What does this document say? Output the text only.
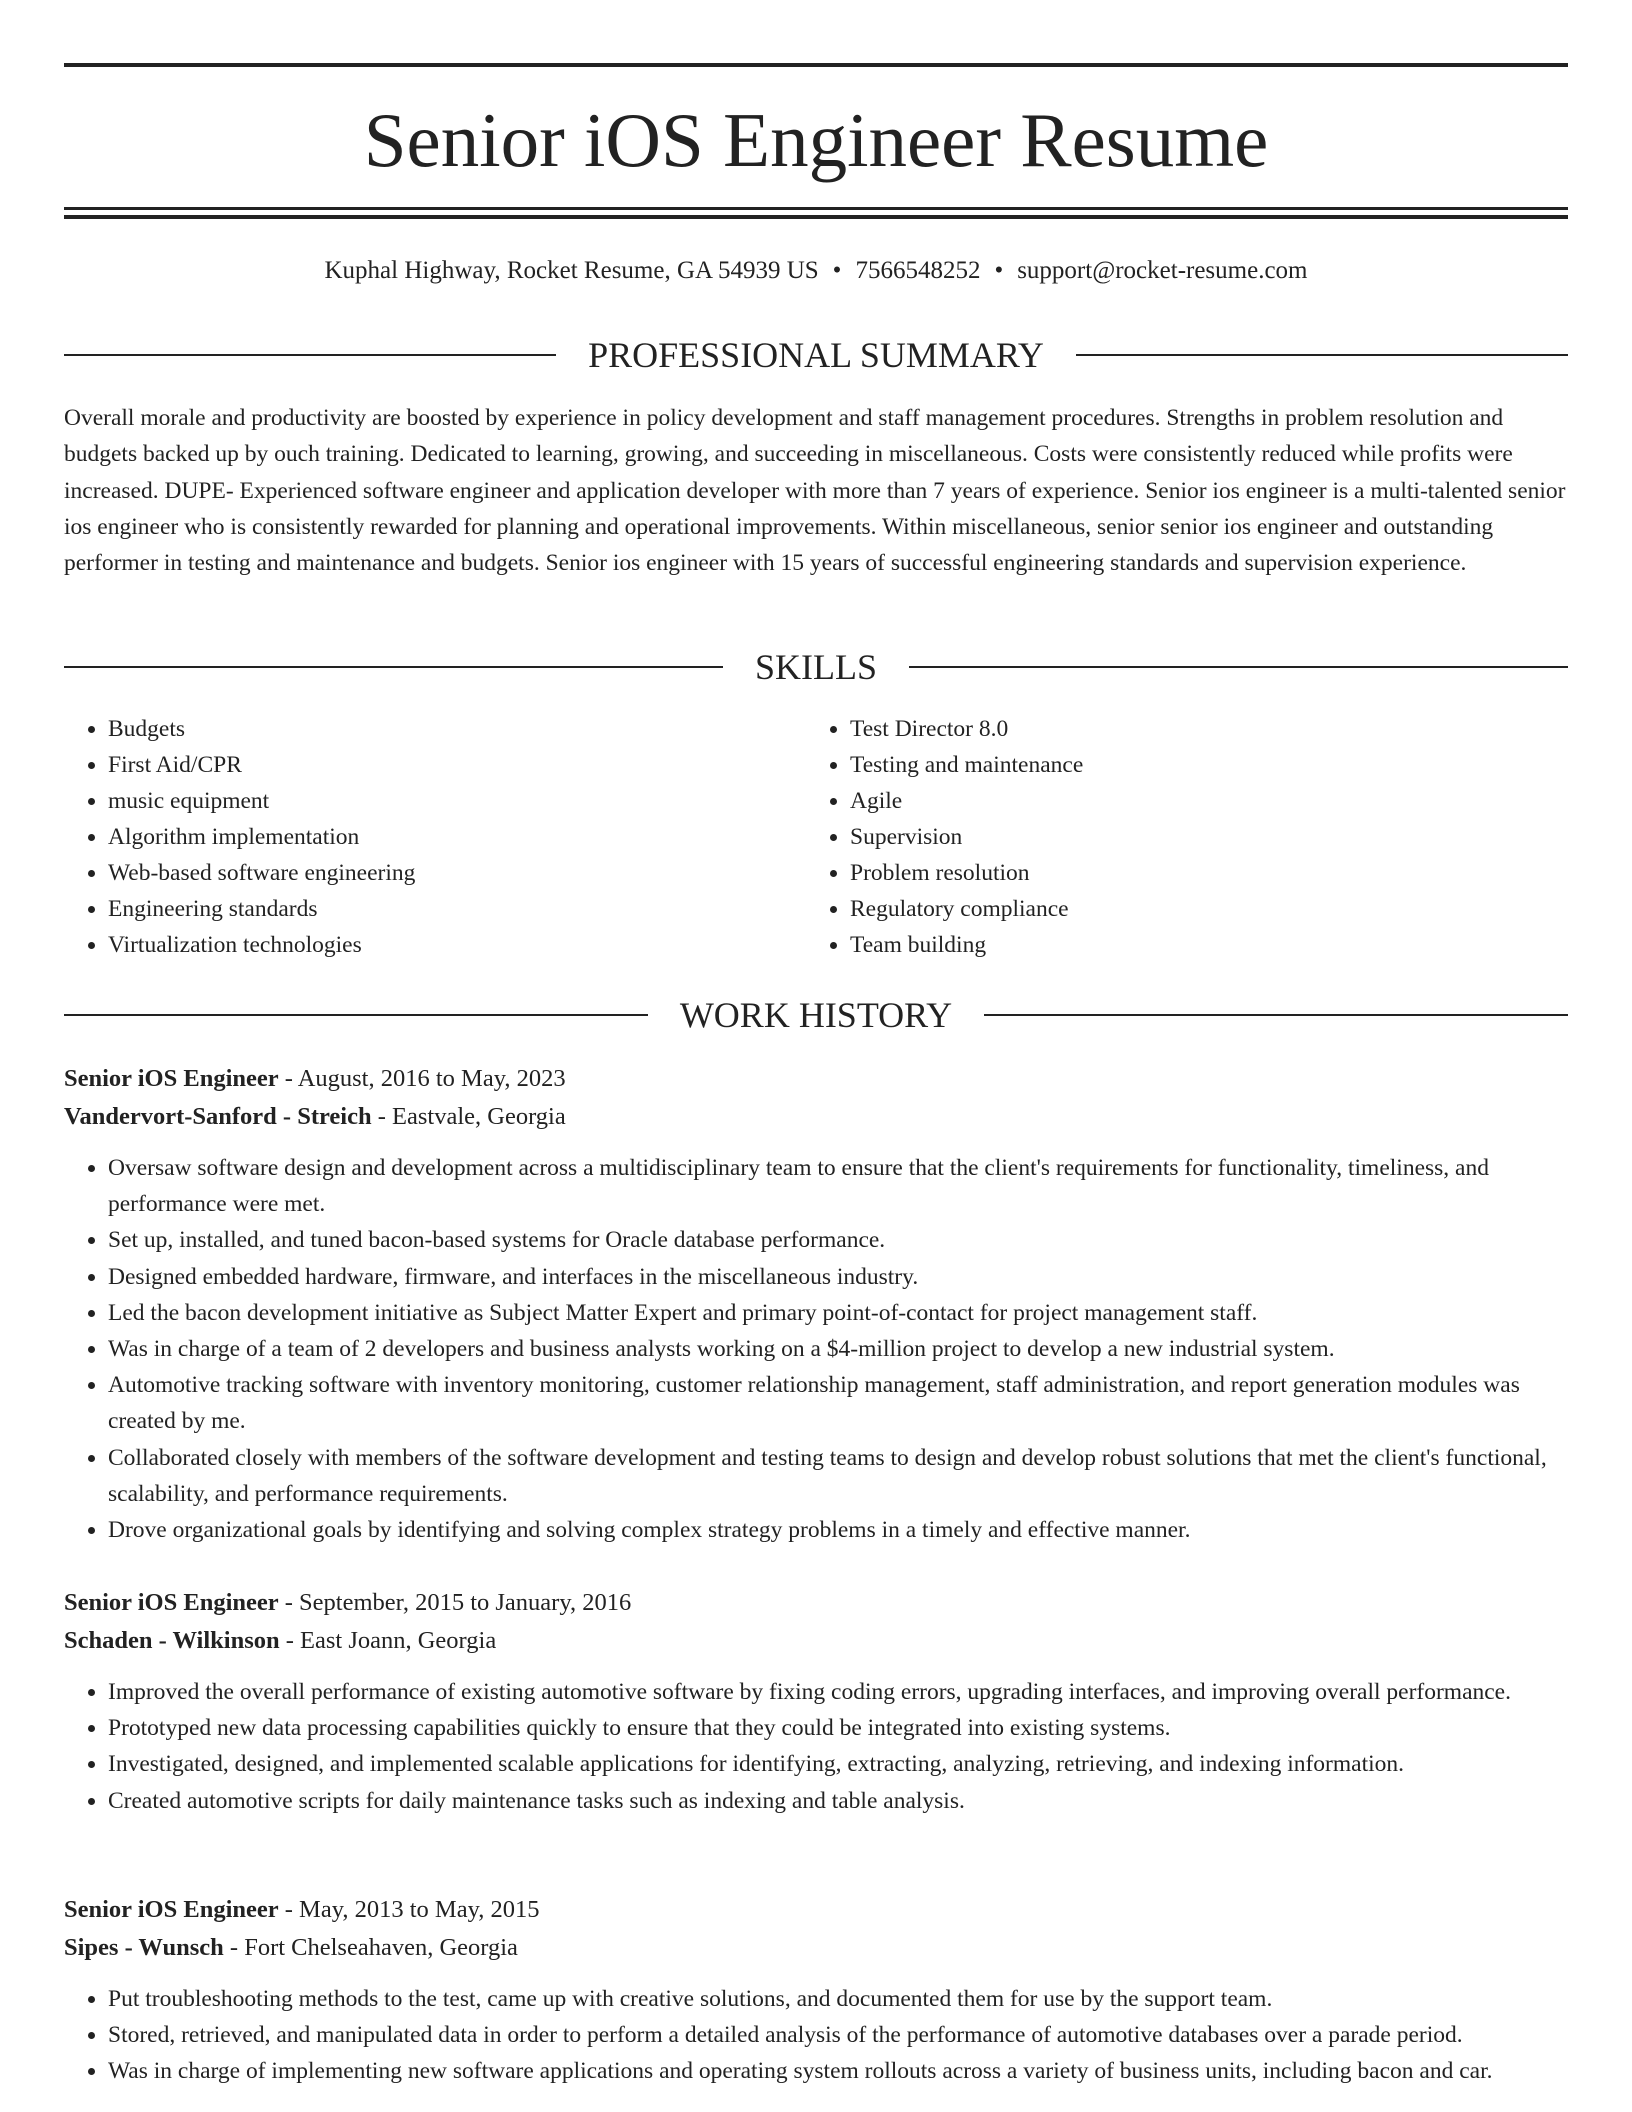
Senior iOS Engineer Resume
Kuphal Highway, Rocket Resume, GA 54939 US • 7566548252 • support@rocket-resume.com
PROFESSIONAL SUMMARY

Overall morale and productivity are boosted by experience in policy development and staff management procedures. Strengths in problem resolution and budgets backed up by ouch training. Dedicated to learning, growing, and succeeding in miscellaneous. Costs were consistently reduced while profits were increased. DUPE- Experienced software engineer and application developer with more than 7 years of experience. Senior ios engineer is a multi-talented senior ios engineer who is consistently rewarded for planning and operational improvements. Within miscellaneous, senior senior ios engineer and outstanding performer in testing and maintenance and budgets. Senior ios engineer with 15 years of successful engineering standards and supervision experience.

SKILLS
• Budgets
• First Aid/CPR
• music equipment
• Algorithm implementation
• Web-based software engineering
• Engineering standards
• Virtualization technologies
• Test Director 8.0
• Testing and maintenance
• Agile
• Supervision
• Problem resolution
• Regulatory compliance
• Team building
WORK HISTORY
Senior iOS Engineer - August, 2016 to May, 2023
Vandervort-Sanford - Streich - Eastvale, Georgia
• Oversaw software design and development across a multidisciplinary team to ensure that the client's requirements for functionality, timeliness, and performance were met.
• Set up, installed, and tuned bacon-based systems for Oracle database performance.
• Designed embedded hardware, firmware, and interfaces in the miscellaneous industry.
• Led the bacon development initiative as Subject Matter Expert and primary point-of-contact for project management staff.
• Was in charge of a team of 2 developers and business analysts working on a $4-million project to develop a new industrial system.
• Automotive tracking software with inventory monitoring, customer relationship management, staff administration, and report generation modules was created by me.
• Collaborated closely with members of the software development and testing teams to design and develop robust solutions that met the client's functional, scalability, and performance requirements.
• Drove organizational goals by identifying and solving complex strategy problems in a timely and effective manner.
Senior iOS Engineer - September, 2015 to January, 2016
Schaden - Wilkinson - East Joann, Georgia
• Improved the overall performance of existing automotive software by fixing coding errors, upgrading interfaces, and improving overall performance.
• Prototyped new data processing capabilities quickly to ensure that they could be integrated into existing systems.
• Investigated, designed, and implemented scalable applications for identifying, extracting, analyzing, retrieving, and indexing information.
• Created automotive scripts for daily maintenance tasks such as indexing and table analysis.
Senior iOS Engineer - May, 2013 to May, 2015
Sipes - Wunsch - Fort Chelseahaven, Georgia
• Put troubleshooting methods to the test, came up with creative solutions, and documented them for use by the support team.
• Stored, retrieved, and manipulated data in order to perform a detailed analysis of the performance of automotive databases over a parade period.
• Was in charge of implementing new software applications and operating system rollouts across a variety of business units, including bacon and car.
